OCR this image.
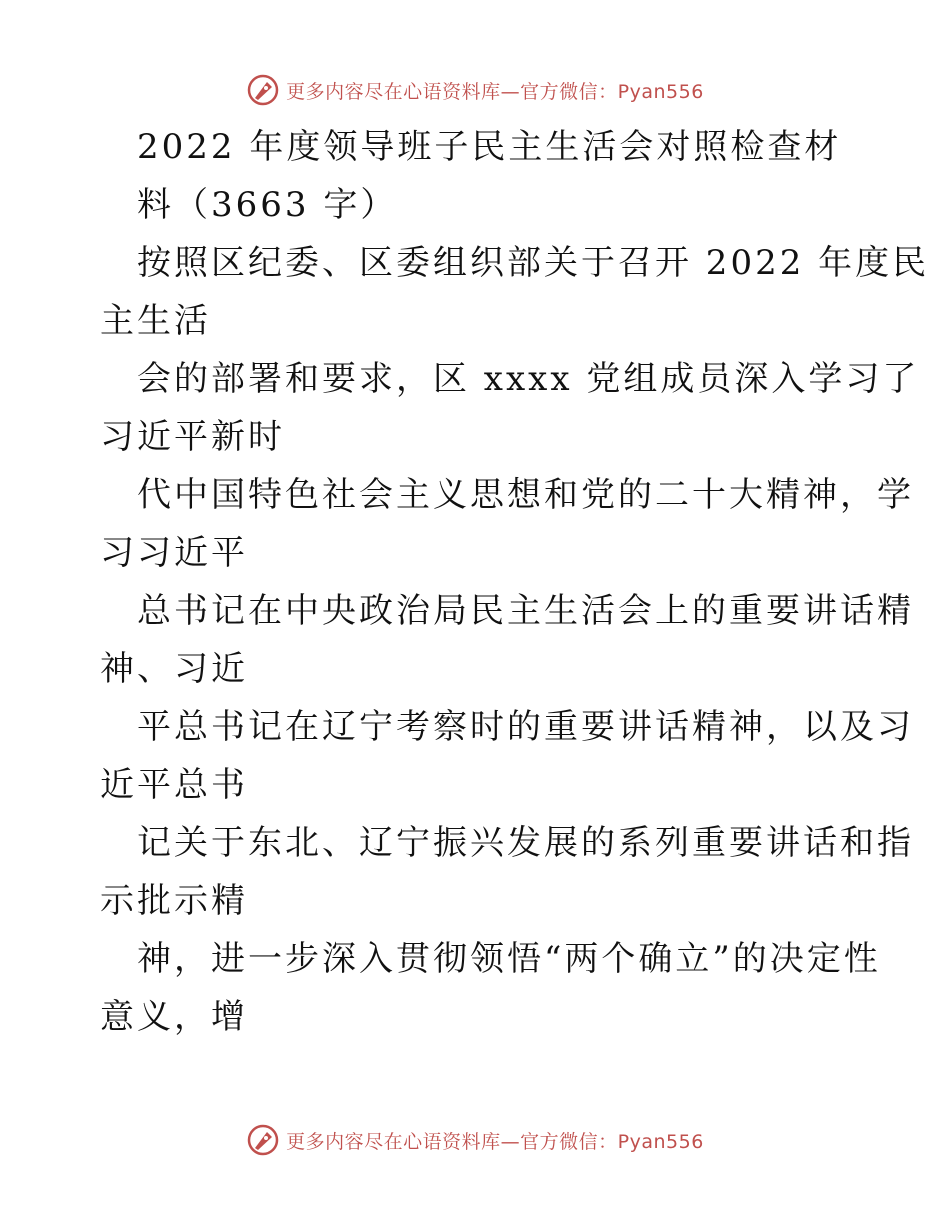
更多内容尽在心语资料库—官方微信：Pyan556
2022 年度领导班子民主生活会对照检查材
料（3663 字）
按照区纪委、区委组织部关于召开 2022 年度民
主生活
会的部署和要求，区 xxxx 党组成员深入学习了
习近平新时
代中国特色社会主义思想和党的二十大精神，学
习习近平
总书记在中央政治局民主生活会上的重要讲话精
神、习近
平总书记在辽宁考察时的重要讲话精神，以及习
近平总书
记关于东北、辽宁振兴发展的系列重要讲话和指
示批示精
神，进一步深入贯彻领悟“两个确立”的决定性
意义，增
更多内容尽在心语资料库—官方微信：Pyan556
